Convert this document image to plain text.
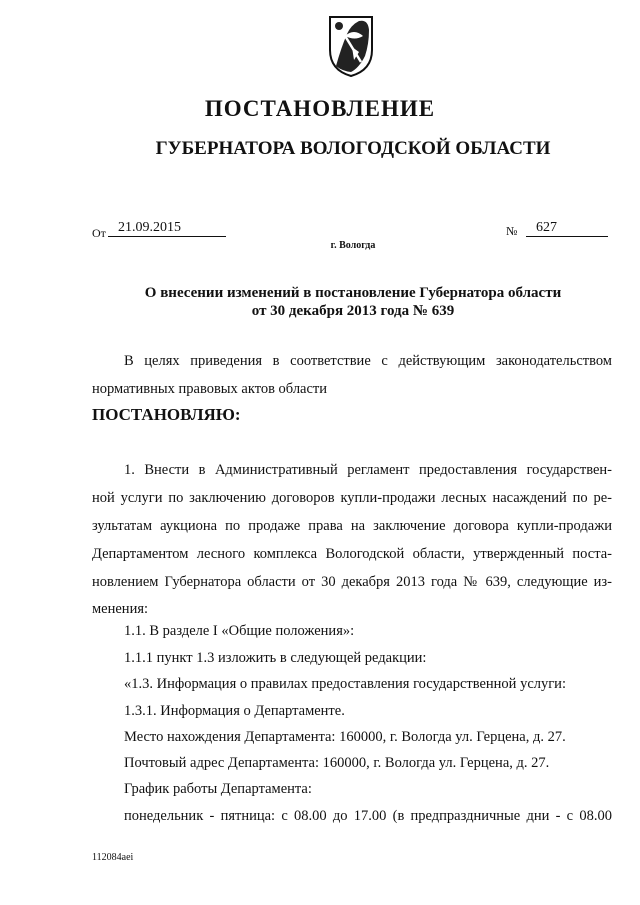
ПОСТАНОВЛЕНИЕ
ГУБЕРНАТОРА ВОЛОГОДСКОЙ ОБЛАСТИ
От 21.09.2015	№	627
г. Вологда
О внесении изменений в постановление Губернатора области
от 30 декабря 2013 года № 639
В целях приведения в соответствие с действующим законодательством
нормативных правовых актов области
ПОСТАНОВЛЯЮ:
1. Внести в Административный регламент предоставления государствен-
ной услуги по заключению договоров купли-продажи лесных насаждений по ре-
зультатам аукциона по продаже права на заключение договора купли-продажи
Департаментом лесного комплекса Вологодской области, утвержденный поста-
новлением Губернатора области от 30 декабря 2013 года № 639, следующие из-
менения:
1.1. В разделе I «Общие положения»:
1.1.1 пункт 1.3 изложить в следующей редакции:
«1.3. Информация о правилах предоставления государственной услуги:
1.3.1. Информация о Департаменте.
Место нахождения Департамента: 160000, г. Вологда ул. Герцена, д. 27.
Почтовый адрес Департамента: 160000, г. Вологда ул. Герцена, д. 27.
График работы Департамента:
понедельник - пятница: с 08.00 до 17.00 (в предпраздничные дни - с 08.00
112084aei
